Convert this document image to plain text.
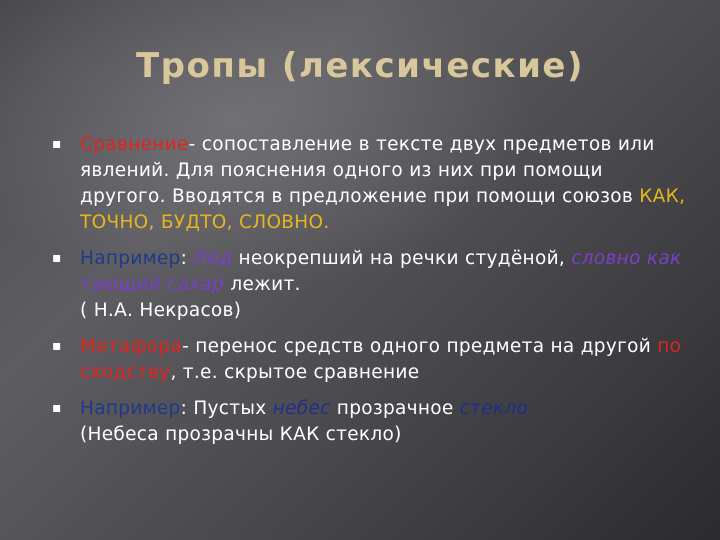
Тропы (лексические)
▪
Сравнение- сопоставление в тексте двух предметов или явлений. Для пояснения одного из них при помощи другого. Вводятся в предложение при помощи союзов КАК, ТОЧНО, БУДТО, СЛОВНО.
▪
Например: Лед неокрепший на речки студёной, словно как тающий сахар лежит.
( Н.А. Некрасов)
▪
Метафора- перенос средств одного предмета на другой по сходству, т.е. скрытое сравнение
▪
Например: Пустых небес прозрачное стекло
(Небеса прозрачны КАК стекло)
